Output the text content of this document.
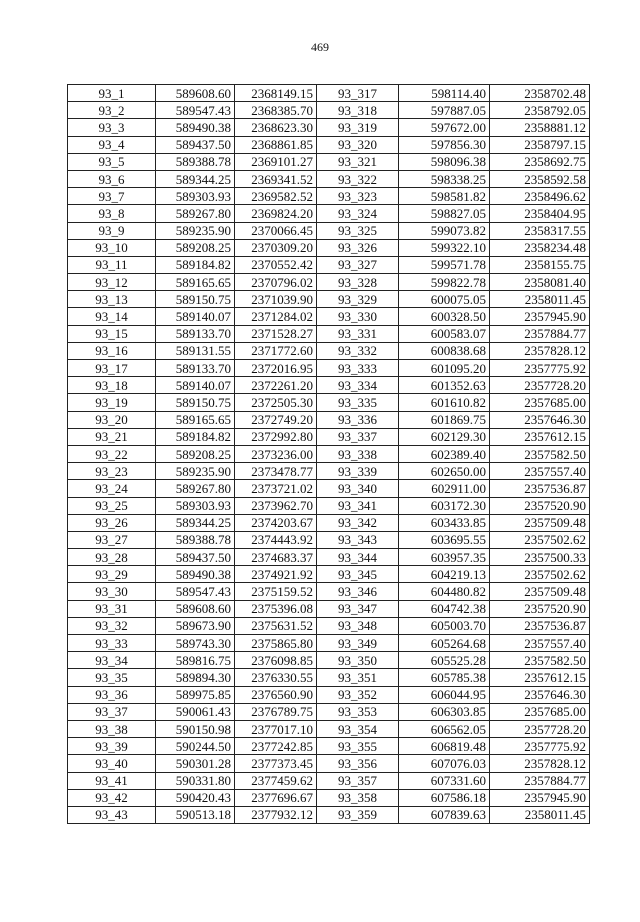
469
93_1	589608.60	2368149.15	93_317	598114.40	2358702.48
93_2	589547.43	2368385.70	93_318	597887.05	2358792.05
93_3	589490.38	2368623.30	93_319	597672.00	2358881.12
93_4	589437.50	2368861.85	93_320	597856.30	2358797.15
93_5	589388.78	2369101.27	93_321	598096.38	2358692.75
93_6	589344.25	2369341.52	93_322	598338.25	2358592.58
93_7	589303.93	2369582.52	93_323	598581.82	2358496.62
93_8	589267.80	2369824.20	93_324	598827.05	2358404.95
93_9	589235.90	2370066.45	93_325	599073.82	2358317.55
93_10	589208.25	2370309.20	93_326	599322.10	2358234.48
93_11	589184.82	2370552.42	93_327	599571.78	2358155.75
93_12	589165.65	2370796.02	93_328	599822.78	2358081.40
93_13	589150.75	2371039.90	93_329	600075.05	2358011.45
93_14	589140.07	2371284.02	93_330	600328.50	2357945.90
93_15	589133.70	2371528.27	93_331	600583.07	2357884.77
93_16	589131.55	2371772.60	93_332	600838.68	2357828.12
93_17	589133.70	2372016.95	93_333	601095.20	2357775.92
93_18	589140.07	2372261.20	93_334	601352.63	2357728.20
93_19	589150.75	2372505.30	93_335	601610.82	2357685.00
93_20	589165.65	2372749.20	93_336	601869.75	2357646.30
93_21	589184.82	2372992.80	93_337	602129.30	2357612.15
93_22	589208.25	2373236.00	93_338	602389.40	2357582.50
93_23	589235.90	2373478.77	93_339	602650.00	2357557.40
93_24	589267.80	2373721.02	93_340	602911.00	2357536.87
93_25	589303.93	2373962.70	93_341	603172.30	2357520.90
93_26	589344.25	2374203.67	93_342	603433.85	2357509.48
93_27	589388.78	2374443.92	93_343	603695.55	2357502.62
93_28	589437.50	2374683.37	93_344	603957.35	2357500.33
93_29	589490.38	2374921.92	93_345	604219.13	2357502.62
93_30	589547.43	2375159.52	93_346	604480.82	2357509.48
93_31	589608.60	2375396.08	93_347	604742.38	2357520.90
93_32	589673.90	2375631.52	93_348	605003.70	2357536.87
93_33	589743.30	2375865.80	93_349	605264.68	2357557.40
93_34	589816.75	2376098.85	93_350	605525.28	2357582.50
93_35	589894.30	2376330.55	93_351	605785.38	2357612.15
93_36	589975.85	2376560.90	93_352	606044.95	2357646.30
93_37	590061.43	2376789.75	93_353	606303.85	2357685.00
93_38	590150.98	2377017.10	93_354	606562.05	2357728.20
93_39	590244.50	2377242.85	93_355	606819.48	2357775.92
93_40	590301.28	2377373.45	93_356	607076.03	2357828.12
93_41	590331.80	2377459.62	93_357	607331.60	2357884.77
93_42	590420.43	2377696.67	93_358	607586.18	2357945.90
93_43	590513.18	2377932.12	93_359	607839.63	2358011.45
